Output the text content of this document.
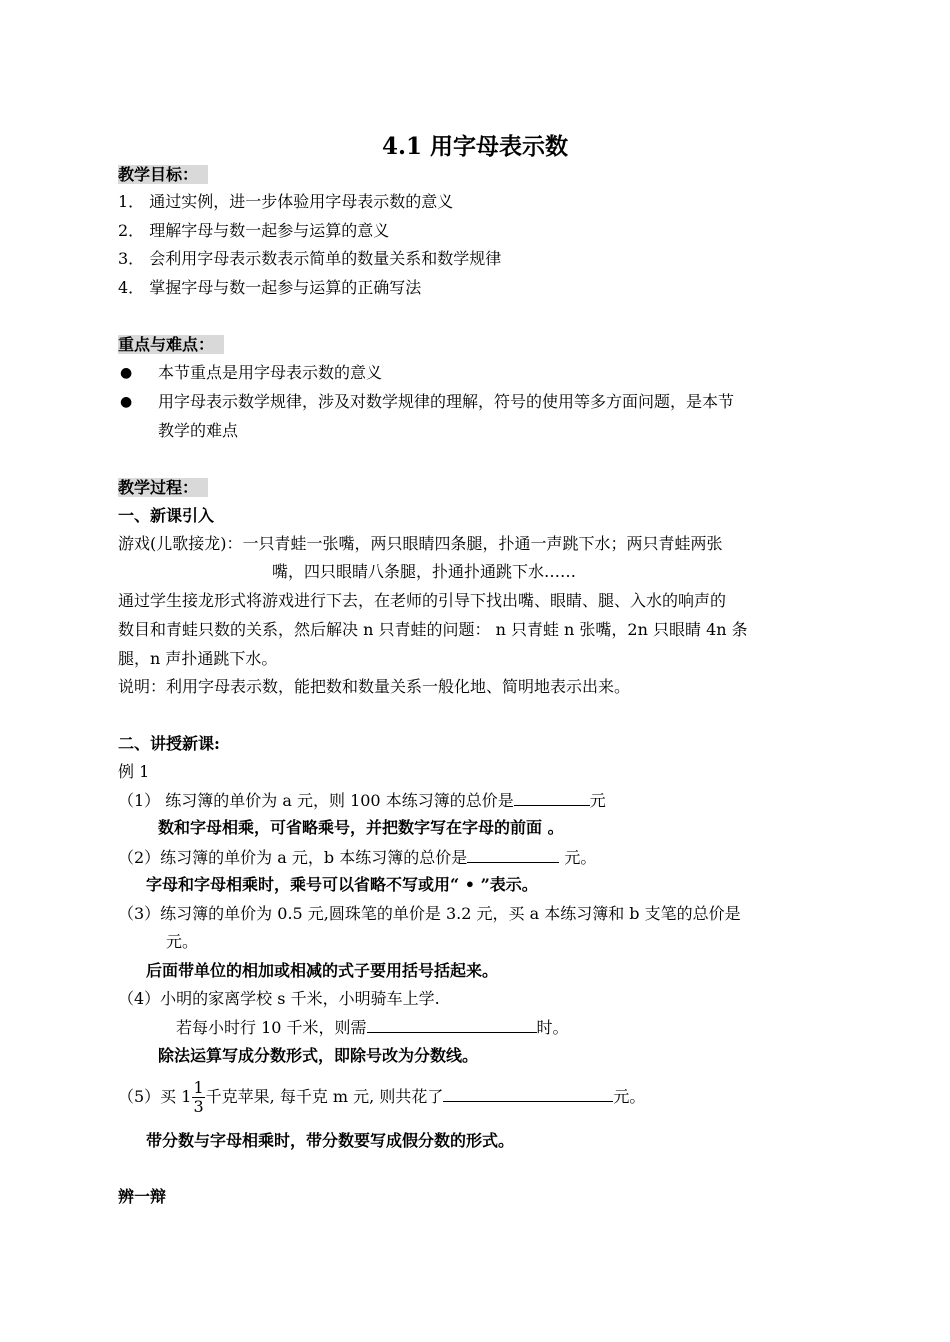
4.1 用字母表示数
教学目标：
1． 通过实例，进一步体验用字母表示数的意义
2． 理解字母与数一起参与运算的意义
3． 会利用字母表示数表示简单的数量关系和数学规律
4． 掌握字母与数一起参与运算的正确写法
重点与难点：
● 本节重点是用字母表示数的意义
● 用字母表示数学规律，涉及对数学规律的理解，符号的使用等多方面问题，是本节
教学的难点
教学过程：
一、新课引入
游戏(儿歌接龙)：一只青蛙一张嘴，两只眼睛四条腿，扑通一声跳下水；两只青蛙两张
嘴，四只眼睛八条腿，扑通扑通跳下水……
通过学生接龙形式将游戏进行下去，在老师的引导下找出嘴、眼睛、腿、入水的响声的
数目和青蛙只数的关系，然后解决 n 只青蛙的问题： n 只青蛙 n 张嘴，2n 只眼睛 4n 条
腿，n 声扑通跳下水。
说明：利用字母表示数，能把数和数量关系一般化地、简明地表示出来。
二、讲授新课:
例 1
（1） 练习簿的单价为 a 元，则 100 本练习簿的总价是	元
数和字母相乘，可省略乘号，并把数字写在字母的前面 。
（2）练习簿的单价为 a 元，b 本练习簿的总价是	元。
字母和字母相乘时，乘号可以省略不写或用“ • ”表示。
（3）练习簿的单价为 0.5 元,圆珠笔的单价是 3.2 元，买 a 本练习簿和 b 支笔的总价是
元。
后面带单位的相加或相减的式子要用括号括起来。
（4）小明的家离学校 s 千米，小明骑车上学.
若每小时行 10 千米，则需	时。
除法运算写成分数形式，即除号改为分数线。
（5）买 $1 \frac{1}{3}$ 千克苹果, 每千克 m 元, 则共花了	元。
带分数与字母相乘时，带分数要写成假分数的形式。
辨一辩
